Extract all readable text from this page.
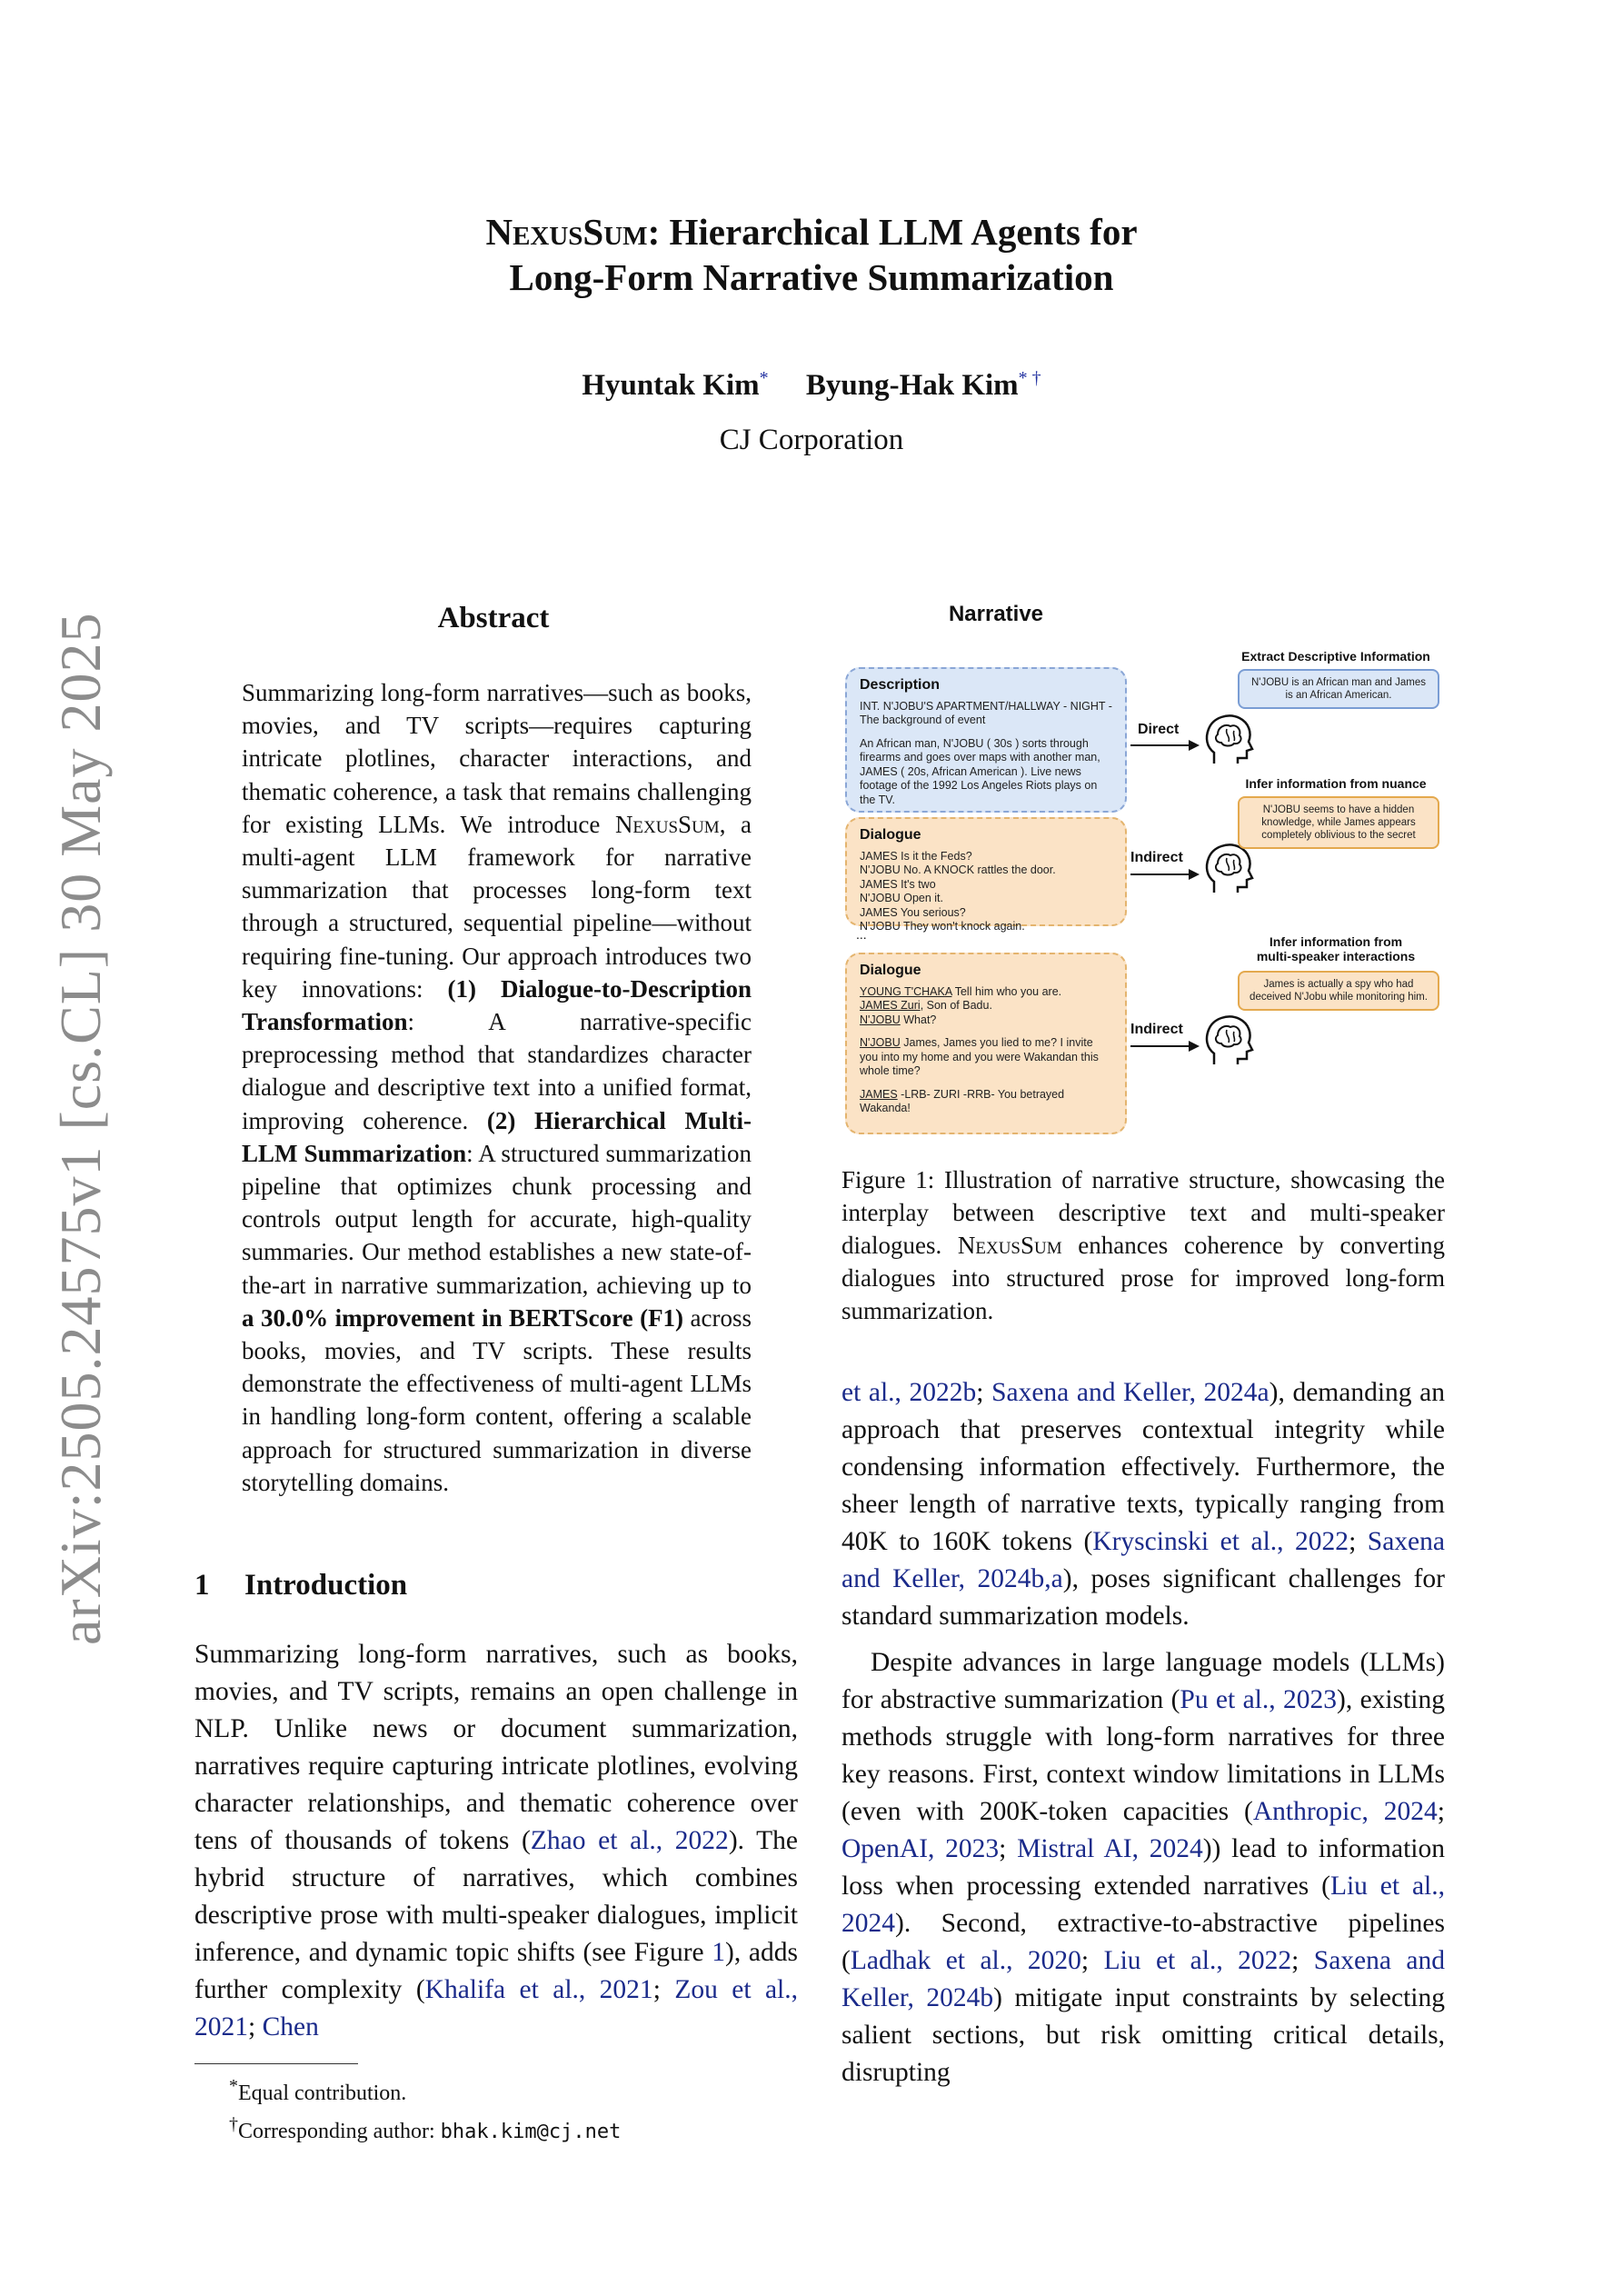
NexusSum: Hierarchical LLM Agents for
Long-Form Narrative Summarization
Hyuntak Kim* Byung-Hak Kim* †
CJ Corporation
arXiv:2505.24575v1 [cs.CL] 30 May 2025	Abstract
Summarizing long-form narratives—such as books, movies, and TV scripts—requires capturing intricate plotlines, character interactions, and thematic coherence, a task that remains challenging for existing LLMs. We introduce NexusSum, a multi-agent LLM framework for narrative summarization that processes long-form text through a structured, sequential pipeline—without requiring fine-tuning. Our approach introduces two key innovations: (1) Dialogue-to-Description Transformation: A narrative-specific preprocessing method that standardizes character dialogue and descriptive text into a unified format, improving coherence. (2) Hierarchical Multi-LLM Summarization: A structured summarization pipeline that optimizes chunk processing and controls output length for accurate, high-quality summaries. Our method establishes a new state-of-the-art in narrative summarization, achieving up to a 30.0% improvement in BERTScore (F1) across books, movies, and TV scripts. These results demonstrate the effectiveness of multi-agent LLMs in handling long-form content, offering a scalable approach for structured summarization in diverse storytelling domains.
1 Introduction
Summarizing long-form narratives, such as books, movies, and TV scripts, remains an open challenge in NLP. Unlike news or document summarization, narratives require capturing intricate plotlines, evolving character relationships, and thematic coherence over tens of thousands of tokens (Zhao et al., 2022). The hybrid structure of narratives, which combines descriptive prose with multi-speaker dialogues, implicit inference, and dynamic topic shifts (see Figure 1), adds further complexity (Khalifa et al., 2021; Zou et al., 2021; Chen

*Equal contribution.

†Corresponding author: bhak.kim@cj.net

Narrative
Description
INT. N'JOBU'S APARTMENT/HALLWAY - NIGHT -
The background of event
An African man, N'JOBU ( 30s ) sorts through firearms and goes over maps with another man, JAMES ( 20s, African American ). Live news footage of the 1992 Los Angeles Riots plays on the TV.
Dialogue
JAMES Is it the Feds?
N'JOBU No. A KNOCK rattles the door.
JAMES It's two
N'JOBU Open it.
JAMES You serious?
N'JOBU They won't knock again.
...
Dialogue
YOUNG T'CHAKA Tell him who you are.
JAMES Zuri, Son of Badu.
N'JOBU What?
N'JOBU James, James you lied to me? I invite you into my home and you were Wakandan this whole time?
JAMES -LRB- ZURI -RRB- You betrayed Wakanda!
Direct
Indirect
Indirect
Extract Descriptive Information
N'JOBU is an African man and James is an African American.
Infer information from nuance
N'JOBU seems to have a hidden knowledge, while James appears completely oblivious to the secret
Infer information from
multi-speaker interactions
James is actually a spy who had deceived N'Jobu while monitoring him.
Figure 1: Illustration of narrative structure, showcasing the interplay between descriptive text and multi-speaker dialogues. NexusSum enhances coherence by converting dialogues into structured prose for improved long-form summarization.

et al., 2022b; Saxena and Keller, 2024a), demanding an approach that preserves contextual integrity while condensing information effectively. Furthermore, the sheer length of narrative texts, typically ranging from 40K to 160K tokens (Kryscinski et al., 2022; Saxena and Keller, 2024b,a), poses significant challenges for standard summarization models.

Despite advances in large language models (LLMs) for abstractive summarization (Pu et al., 2023), existing methods struggle with long-form narratives for three key reasons. First, context window limitations in LLMs (even with 200K-token capacities (Anthropic, 2024; OpenAI, 2023; Mistral AI, 2024)) lead to information loss when processing extended narratives (Liu et al., 2024). Second, extractive-to-abstractive pipelines (Ladhak et al., 2020; Liu et al., 2022; Saxena and Keller, 2024b) mitigate input constraints by selecting salient sections, but risk omitting critical details, disrupting
